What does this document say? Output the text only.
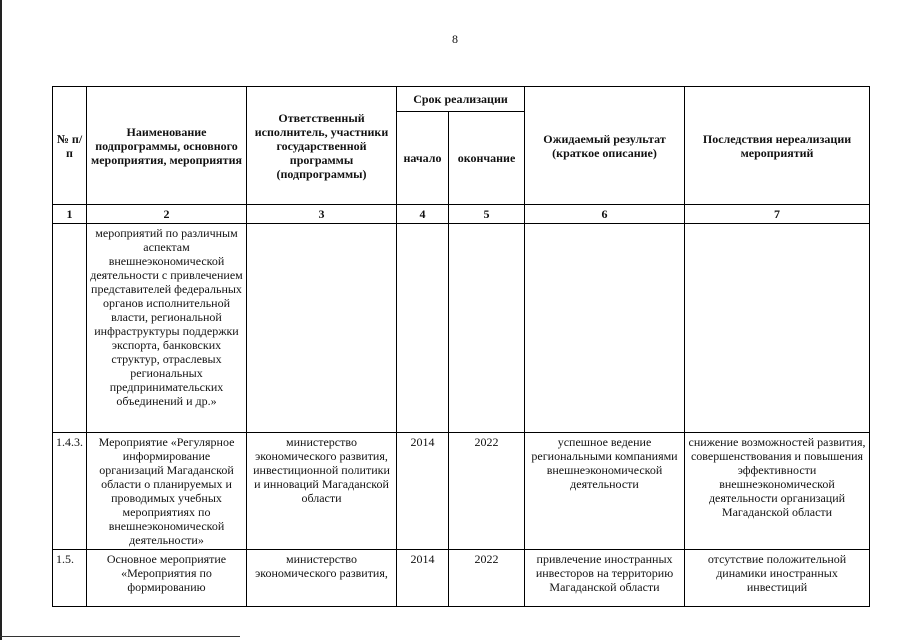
8
№ п/п	Наименование подпрограммы, основного мероприятия, мероприятия	Ответственный исполнитель, участники государственной программы (подпрограммы)	Срок реализации		Ожидаемый результат (краткое описание)	Последствия нереализации мероприятий
			начало	окончание		
1	2	3	4	5	6	7
	мероприятий по различным аспектам внешнеэкономической деятельности с привлечением представителей федеральных органов исполнительной власти, региональной инфраструктуры поддержки экспорта, банковских структур, отраслевых региональных предпринимательских объединений и др.»					
1.4.3.	Мероприятие «Регулярное информирование организаций Магаданской области о планируемых и проводимых учебных мероприятиях по внешнеэкономической деятельности»	министерство экономического развития, инвестиционной политики и инноваций Магаданской области	2014	2022	успешное ведение региональными компаниями внешнеэкономической деятельности	снижение возможностей развития, совершенствования и повышения эффективности внешнеэкономической деятельности организаций Магаданской области
1.5.	Основное мероприятие «Мероприятия по формированию	министерство экономического развития,	2014	2022	привлечение иностранных инвесторов на территорию Магаданской области	отсутствие положительной динамики иностранных инвестиций
